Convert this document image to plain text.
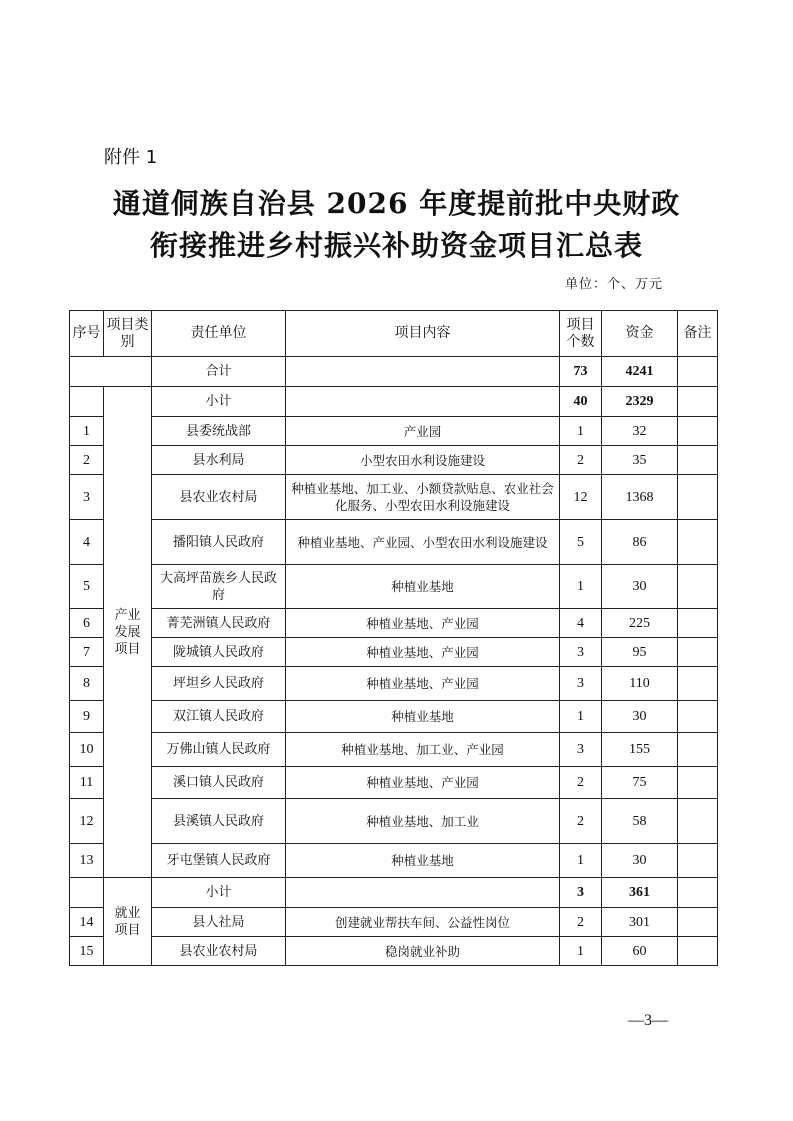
附件 1
通道侗族自治县 2026 年度提前批中央财政
衔接推进乡村振兴补助资金项目汇总表
单位：个、万元
序号	项目类别	责任单位	项目内容	项目个数	资金	备注
		合计		73	4241	

	产业发展项目	小计		40	2329	
1		县委统战部	产业园	1	32	
2		县水利局	小型农田水利设施建设	2	35	
3		县农业农村局	种植业基地、加工业、小额贷款贴息、农业社会化服务、小型农田水利设施建设	12	1368	
4		播阳镇人民政府	种植业基地、产业园、小型农田水利设施建设	5	86	
5		大高坪苗族乡人民政府	种植业基地	1	30	
6		菁芜洲镇人民政府	种植业基地、产业园	4	225	
7		陇城镇人民政府	种植业基地、产业园	3	95	
8		坪坦乡人民政府	种植业基地、产业园	3	110	
9		双江镇人民政府	种植业基地	1	30	
10		万佛山镇人民政府	种植业基地、加工业、产业园	3	155	
11		溪口镇人民政府	种植业基地、产业园	2	75	
12		县溪镇人民政府	种植业基地、加工业	2	58	
13		牙屯堡镇人民政府	种植业基地	1	30	

	就业项目	小计		3	361	
14		县人社局	创建就业帮扶车间、公益性岗位	2	301	
15		县农业农村局	稳岗就业补助	1	60	
—3—
